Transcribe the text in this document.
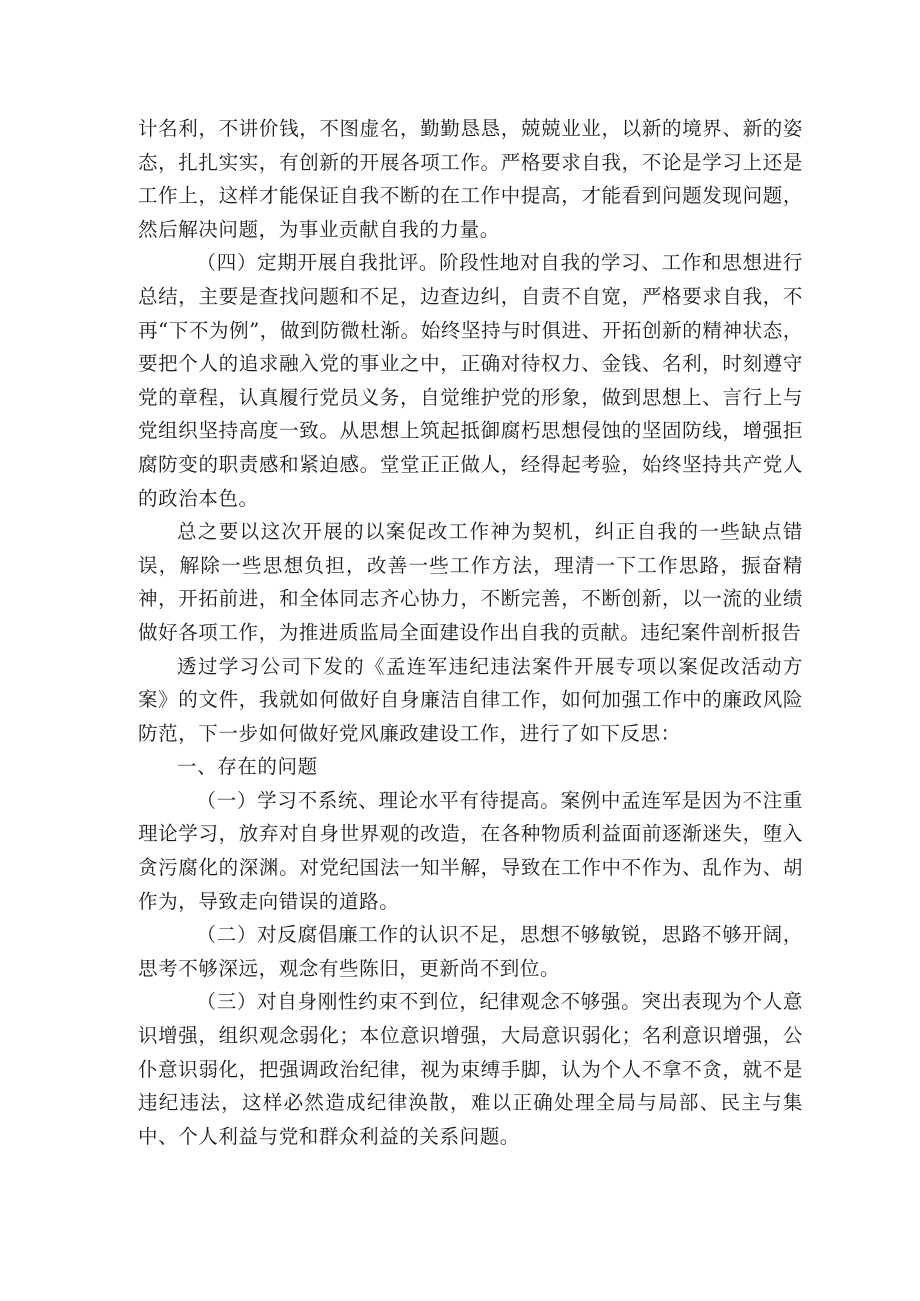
计名利，不讲价钱，不图虚名，勤勤恳恳，兢兢业业，以新的境界、新的姿态，扎扎实实，有创新的开展各项工作。严格要求自我，不论是学习上还是工作上，这样才能保证自我不断的在工作中提高，才能看到问题发现问题，然后解决问题，为事业贡献自我的力量。

（四）定期开展自我批评。阶段性地对自我的学习、工作和思想进行总结，主要是查找问题和不足，边查边纠，自责不自宽，严格要求自我，不再“下不为例”，做到防微杜渐。始终坚持与时俱进、开拓创新的精神状态，要把个人的追求融入党的事业之中，正确对待权力、金钱、名利，时刻遵守党的章程，认真履行党员义务，自觉维护党的形象，做到思想上、言行上与党组织坚持高度一致。从思想上筑起抵御腐朽思想侵蚀的坚固防线，增强拒腐防变的职责感和紧迫感。堂堂正正做人，经得起考验，始终坚持共产党人的政治本色。

总之要以这次开展的以案促改工作神为契机，纠正自我的一些缺点错误，解除一些思想负担，改善一些工作方法，理清一下工作思路，振奋精神，开拓前进，和全体同志齐心协力，不断完善，不断创新，以一流的业绩做好各项工作，为推进质监局全面建设作出自我的贡献。违纪案件剖析报告

透过学习公司下发的《孟连军违纪违法案件开展专项以案促改活动方案》的文件，我就如何做好自身廉洁自律工作，如何加强工作中的廉政风险防范，下一步如何做好党风廉政建设工作，进行了如下反思：

一、存在的问题

（一）学习不系统、理论水平有待提高。案例中孟连军是因为不注重理论学习，放弃对自身世界观的改造，在各种物质利益面前逐渐迷失，堕入贪污腐化的深渊。对党纪国法一知半解，导致在工作中不作为、乱作为、胡作为，导致走向错误的道路。

（二）对反腐倡廉工作的认识不足，思想不够敏锐，思路不够开阔，思考不够深远，观念有些陈旧，更新尚不到位。

（三）对自身刚性约束不到位，纪律观念不够强。突出表现为个人意识增强，组织观念弱化；本位意识增强，大局意识弱化；名利意识增强，公仆意识弱化，把强调政治纪律，视为束缚手脚，认为个人不拿不贪，就不是违纪违法，这样必然造成纪律涣散，难以正确处理全局与局部、民主与集中、个人利益与党和群众利益的关系问题。
